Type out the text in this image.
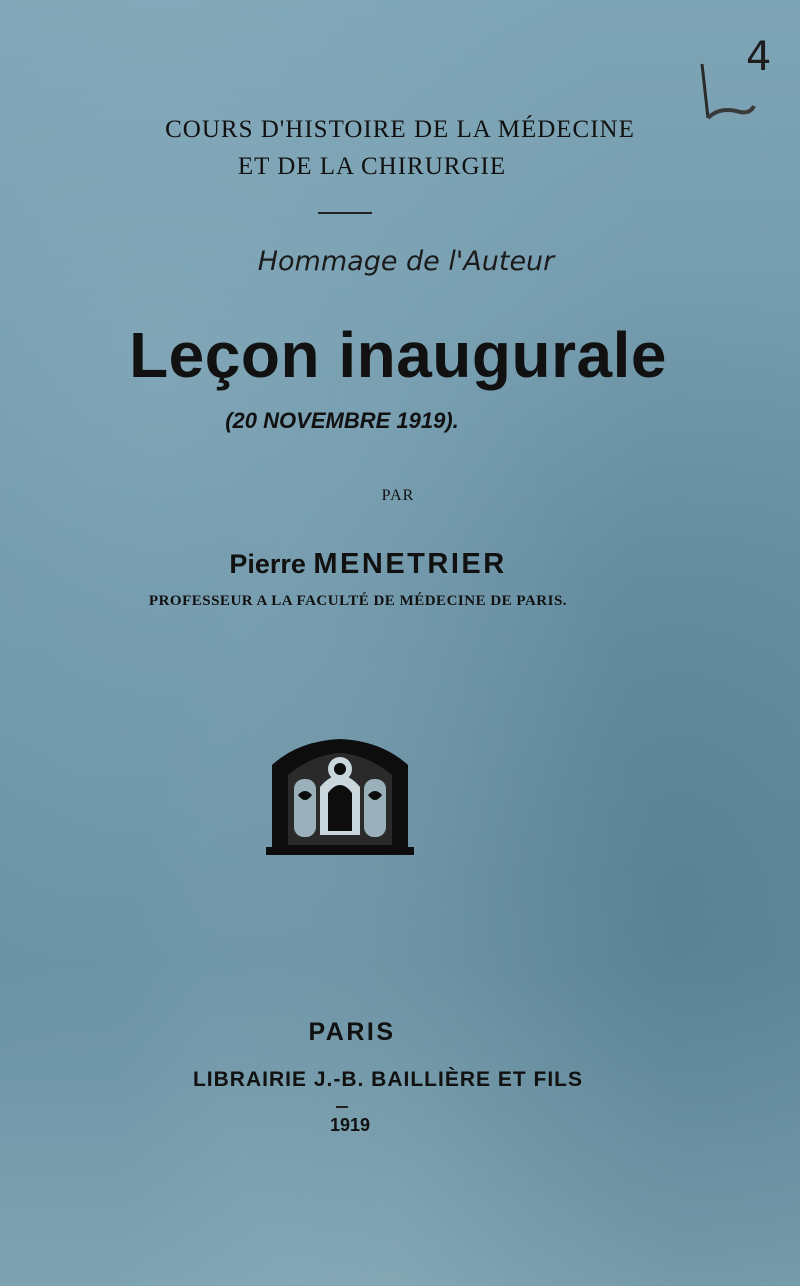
COURS D'HISTOIRE DE LA MÉDECINE
ET DE LA CHIRURGIE
Hommage de l'Auteur
Leçon inaugurale
(20 NOVEMBRE 1919).
PAR
Pierre MENETRIER
PROFESSEUR A LA FACULTÉ DE MÉDECINE DE PARIS.
PARIS
LIBRAIRIE J.-B. BAILLIÈRE ET FILS
1919
4
